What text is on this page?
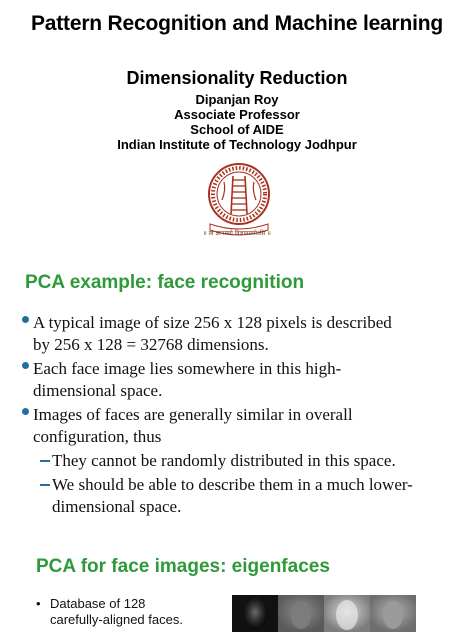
Pattern Recognition and Machine learning
Dimensionality Reduction
Dipanjan Roy
Associate Professor
School of AIDE
Indian Institute of Technology Jodhpur
॥ त्वं ज्ञानमयो विज्ञानमयोऽसि ॥
PCA example: face recognition
A typical image of size 256 x 128 pixels is described
by 256 x 128 = 32768 dimensions.
Each face image lies somewhere in this high-
dimensional space.
Images of faces are generally similar in overall
configuration, thus
They cannot be randomly distributed in this space.
We should be able to describe them in a much lower-
dimensional space.
PCA for face images: eigenfaces
• Database of 128
carefully-aligned faces.
